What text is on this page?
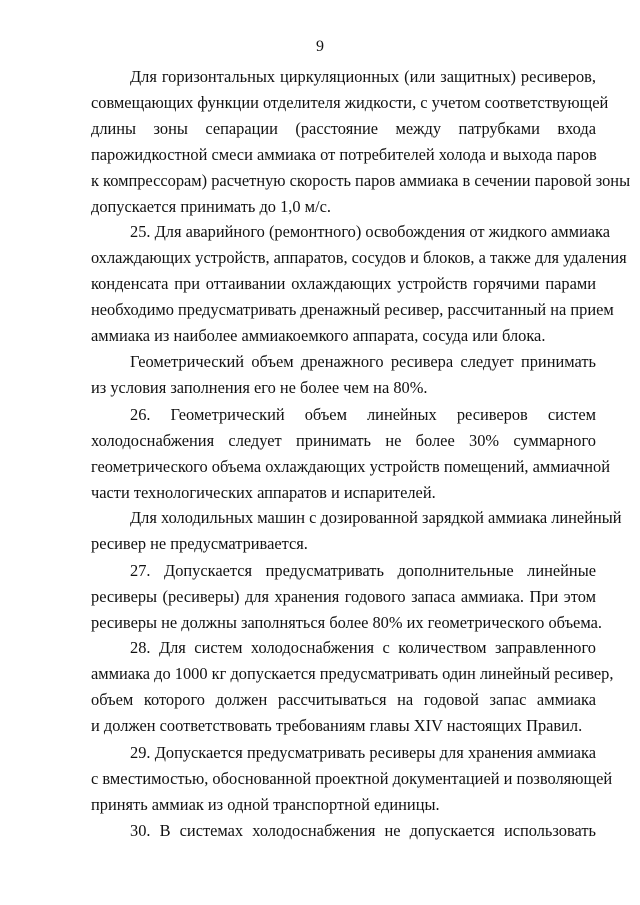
9
Для горизонтальных циркуляционных (или защитных) ресиверов,
совмещающих функции отделителя жидкости, с учетом соответствующей
длины зоны сепарации (расстояние между патрубками входа
парожидкостной смеси аммиака от потребителей холода и выхода паров
к компрессорам) расчетную скорость паров аммиака в сечении паровой зоны
допускается принимать до 1,0 м/с.
25. Для аварийного (ремонтного) освобождения от жидкого аммиака
охлаждающих устройств, аппаратов, сосудов и блоков, а также для удаления
конденсата при оттаивании охлаждающих устройств горячими парами
необходимо предусматривать дренажный ресивер, рассчитанный на прием
аммиака из наиболее аммиакоемкого аппарата, сосуда или блока.
Геометрический объем дренажного ресивера следует принимать
из условия заполнения его не более чем на 80%.
26. Геометрический объем линейных ресиверов систем
холодоснабжения следует принимать не более 30% суммарного
геометрического объема охлаждающих устройств помещений, аммиачной
части технологических аппаратов и испарителей.
Для холодильных машин с дозированной зарядкой аммиака линейный
ресивер не предусматривается.
27. Допускается предусматривать дополнительные линейные
ресиверы (ресиверы) для хранения годового запаса аммиака. При этом
ресиверы не должны заполняться более 80% их геометрического объема.
28. Для систем холодоснабжения с количеством заправленного
аммиака до 1000 кг допускается предусматривать один линейный ресивер,
объем которого должен рассчитываться на годовой запас аммиака
и должен соответствовать требованиям главы XIV настоящих Правил.
29. Допускается предусматривать ресиверы для хранения аммиака
с вместимостью, обоснованной проектной документацией и позволяющей
принять аммиак из одной транспортной единицы.
30. В системах холодоснабжения не допускается использовать
